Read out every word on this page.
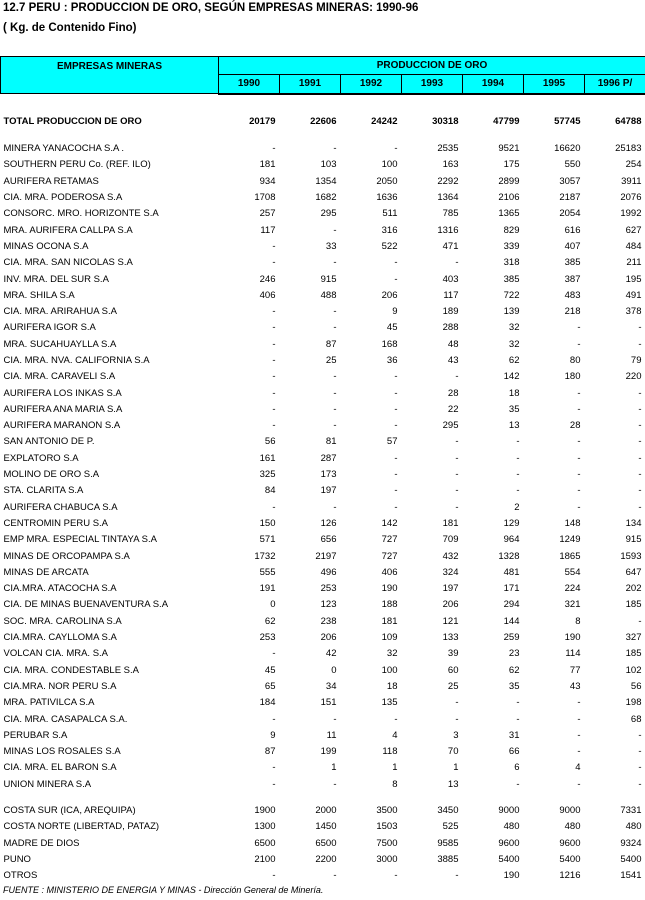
12.7 PERU : PRODUCCION DE ORO, SEGÚN EMPRESAS MINERAS: 1990-96
( Kg. de Contenido Fino)
EMPRESAS MINERAS	PRODUCCION DE ORO						
	1990	1991	1992	1993	1994	1995	1996 P/

TOTAL PRODUCCION DE ORO	20179	22606	24242	30318	47799	57745	64788

MINERA YANACOCHA S.A .	-	-	-	2535	9521	16620	25183
SOUTHERN PERU Co. (REF. ILO)	181	103	100	163	175	550	254
AURIFERA RETAMAS	934	1354	2050	2292	2899	3057	3911
CIA. MRA. PODEROSA S.A	1708	1682	1636	1364	2106	2187	2076
CONSORC. MRO. HORIZONTE S.A	257	295	511	785	1365	2054	1992
MRA. AURIFERA CALLPA S.A	117	-	316	1316	829	616	627
MINAS OCONA S.A	-	33	522	471	339	407	484
CIA. MRA. SAN NICOLAS S.A	-	-	-	-	318	385	211
INV. MRA. DEL SUR S.A	246	915	-	403	385	387	195
MRA. SHILA S.A	406	488	206	117	722	483	491
CIA. MRA. ARIRAHUA S.A	-	-	9	189	139	218	378
AURIFERA IGOR S.A	-	-	45	288	32	-	-
MRA. SUCAHUAYLLA S.A	-	87	168	48	32	-	-
CIA. MRA. NVA. CALIFORNIA S.A	-	25	36	43	62	80	79
CIA. MRA. CARAVELI S.A	-	-	-	-	142	180	220
AURIFERA LOS INKAS S.A	-	-	-	28	18	-	-
AURIFERA ANA MARIA S.A	-	-	-	22	35	-	-
AURIFERA MARANON S.A	-	-	-	295	13	28	-
SAN ANTONIO DE P.	56	81	57	-	-	-	-
EXPLATORO S.A	161	287	-	-	-	-	-
MOLINO DE ORO S.A	325	173	-	-	-	-	-
STA. CLARITA S.A	84	197	-	-	-	-	-
AURIFERA CHABUCA S.A	-	-	-	-	2	-	-
CENTROMIN PERU S.A	150	126	142	181	129	148	134
EMP MRA. ESPECIAL TINTAYA S.A	571	656	727	709	964	1249	915
MINAS DE ORCOPAMPA S.A	1732	2197	727	432	1328	1865	1593
MINAS DE ARCATA	555	496	406	324	481	554	647
CIA.MRA. ATACOCHA S.A	191	253	190	197	171	224	202
CIA. DE MINAS BUENAVENTURA S.A	0	123	188	206	294	321	185
SOC. MRA. CAROLINA S.A	62	238	181	121	144	8	-
CIA.MRA. CAYLLOMA S.A	253	206	109	133	259	190	327
VOLCAN CIA. MRA. S.A	-	42	32	39	23	114	185
CIA. MRA. CONDESTABLE S.A	45	0	100	60	62	77	102
CIA.MRA. NOR PERU S.A	65	34	18	25	35	43	56
MRA. PATIVILCA S.A	184	151	135	-	-	-	198
CIA. MRA. CASAPALCA S.A.	-	-	-	-	-	-	68
PERUBAR S.A	9	11	4	3	31	-	-
MINAS LOS ROSALES S.A	87	199	118	70	66	-	-
CIA. MRA. EL BARON S.A	-	1	1	1	6	4	-
UNION MINERA S.A	-	-	8	13	-	-	-

COSTA SUR (ICA, AREQUIPA)	1900	2000	3500	3450	9000	9000	7331
COSTA NORTE (LIBERTAD, PATAZ)	1300	1450	1503	525	480	480	480
MADRE DE DIOS	6500	6500	7500	9585	9600	9600	9324
PUNO	2100	2200	3000	3885	5400	5400	5400
OTROS	-	-	-	-	190	1216	1541
FUENTE : MINISTERIO DE ENERGIA Y MINAS - Dirección General de Minería.
